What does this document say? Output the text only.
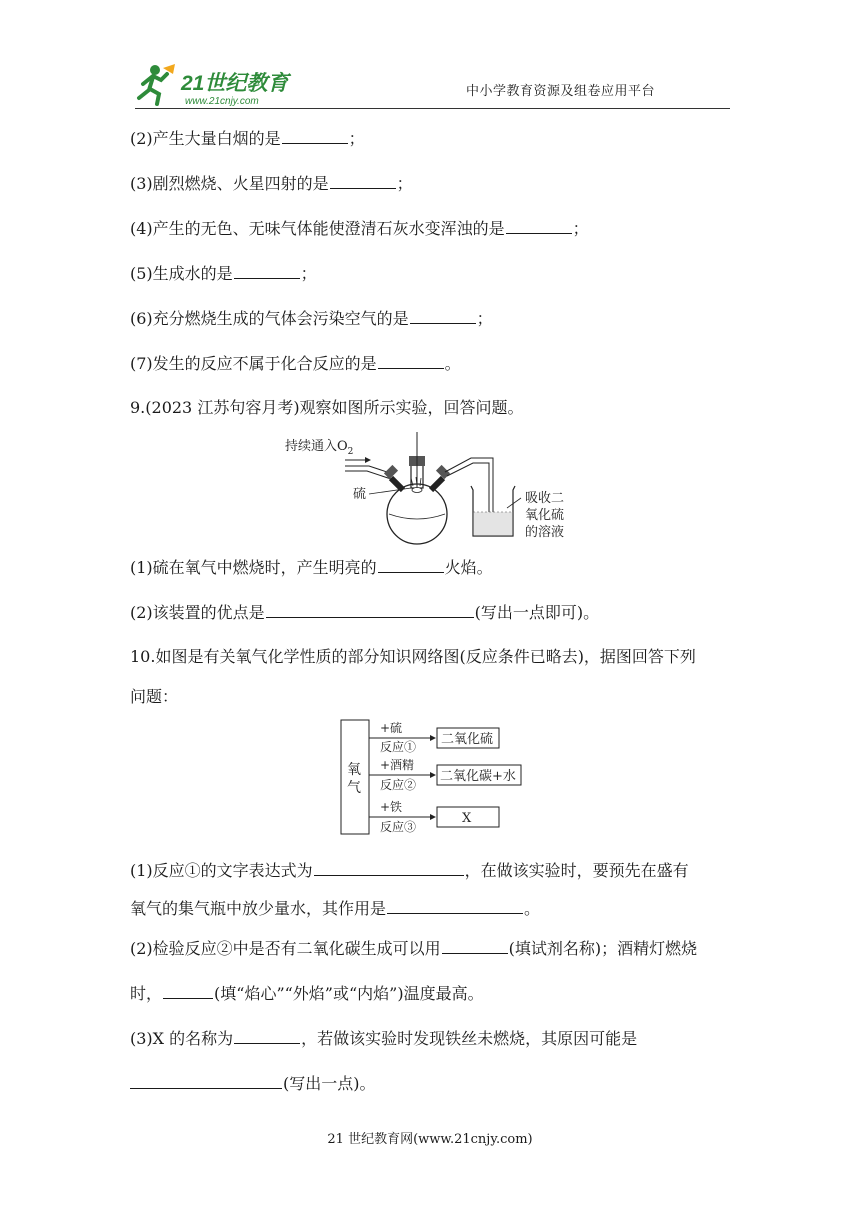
21世纪教育
www.21cnjy.com
中小学教育资源及组卷应用平台
(2)产生大量白烟的是	；
(3)剧烈燃烧、火星四射的是	；
(4)产生的无色、无味气体能使澄清石灰水变浑浊的是	；
(5)生成水的是	；
(6)充分燃烧生成的气体会污染空气的是	；
(7)发生的反应不属于化合反应的是	。
9.(2023 江苏句容月考)观察如图所示实验，回答问题。
持续通入$O_2$
硫	吸收二
氧化硫
的溶液
(1)硫在氧气中燃烧时，产生明亮的	火焰。
(2)该装置的优点是	(写出一点即可)。
10.如图是有关氧气化学性质的部分知识网络图(反应条件已略去)，据图回答下列
问题：
氧
气
+硫
反应① 二氧化硫
+酒精
反应②
二氧化碳+水
+铁
反应③
X
(1)反应①的文字表达式为	，在做该实验时，要预先在盛有
氧气的集气瓶中放少量水，其作用是	。
(2)检验反应②中是否有二氧化碳生成可以用	(填试剂名称)；酒精灯燃烧
时，	(填“焰心”“外焰”或“内焰”)温度最高。
(3)X 的名称为	，若做该实验时发现铁丝未燃烧，其原因可能是
(写出一点)。
21 世纪教育网(www.21cnjy.com)
